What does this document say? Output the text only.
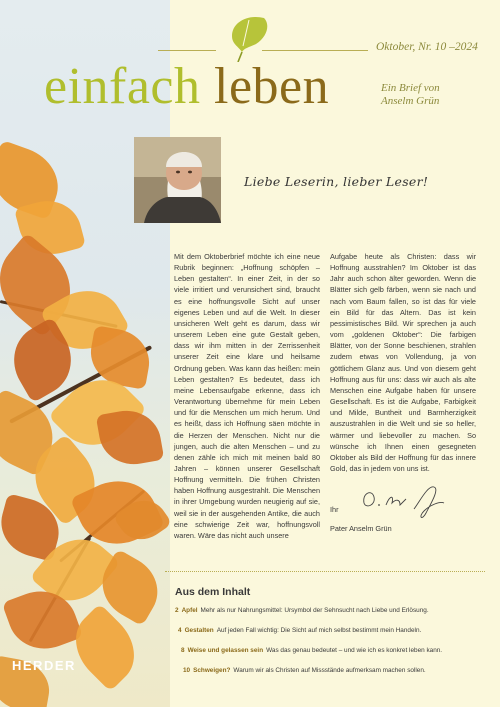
HERDER
Oktober, Nr. 10 –2024
einfach leben	Ein Brief von
Anselm Grün
Liebe Leserin, lieber Leser!
Mit dem Oktoberbrief möchte ich eine neue Rubrik beginnen: „Hoffnung schöpfen – Leben gestalten“. In einer Zeit, in der so viele irritiert und verunsichert sind, braucht es eine hoffnungsvolle Sicht auf unser eigenes Leben und auf die Welt. In dieser unsicheren Welt geht es darum, dass wir unserem Leben eine gute Gestalt geben, dass wir ihm mitten in der Zerrissenheit unserer Zeit eine klare und heilsame Ordnung geben. Was kann das heißen: mein Leben gestalten? Es bedeutet, dass ich meine Lebensaufgabe erkenne, dass ich Verantwortung übernehme für mein Leben und für die Menschen um mich herum. Und es heißt, dass ich Hoffnung säen möchte in die Herzen der Menschen. Nicht nur die jungen, auch die alten Menschen – und zu denen zähle ich mich mit meinen bald 80 Jahren – können unserer Gesellschaft Hoffnung vermitteln. Die frühen Christen haben Hoffnung ausgestrahlt. Die Menschen in ihrer Umgebung wurden neugierig auf sie, weil sie in der ausgehenden Antike, die auch eine schwierige Zeit war, hoffnungsvoll waren. Wäre das nicht auch unsere
Aufgabe heute als Christen: dass wir Hoffnung ausstrahlen? Im Oktober ist das Jahr auch schon älter geworden. Wenn die Blätter sich gelb färben, wenn sie nach und nach vom Baum fallen, so ist das für viele ein Bild für das Altern. Das ist kein pessimistisches Bild. Wir sprechen ja auch vom „goldenen Oktober“: Die farbigen Blätter, von der Sonne beschienen, strahlen zudem etwas von Vollendung, ja von göttlichem Glanz aus. Und von diesem geht Hoffnung aus für uns: dass wir auch als alte Menschen eine Aufgabe haben für unsere Gesellschaft. Es ist die Aufgabe, Farbigkeit und Milde, Buntheit und Barmherzigkeit auszustrahlen in die Welt und sie so heller, wärmer und liebevoller zu machen. So wünsche ich Ihnen einen gesegneten Oktober als Bild der Hoffnung für das innere Gold, das in jedem von uns ist.
Ihr
Pater Anselm Grün
Aus dem Inhalt
2 Apfel Mehr als nur Nahrungsmittel: Ursymbol der Sehnsucht nach Liebe und Erlösung.
4 Gestalten Auf jeden Fall wichtig: Die Sicht auf mich selbst bestimmt mein Handeln.
8 Weise und gelassen sein Was das genau bedeutet – und wie ich es konkret leben kann.
10 Schweigen? Warum wir als Christen auf Missstände aufmerksam machen sollen.
